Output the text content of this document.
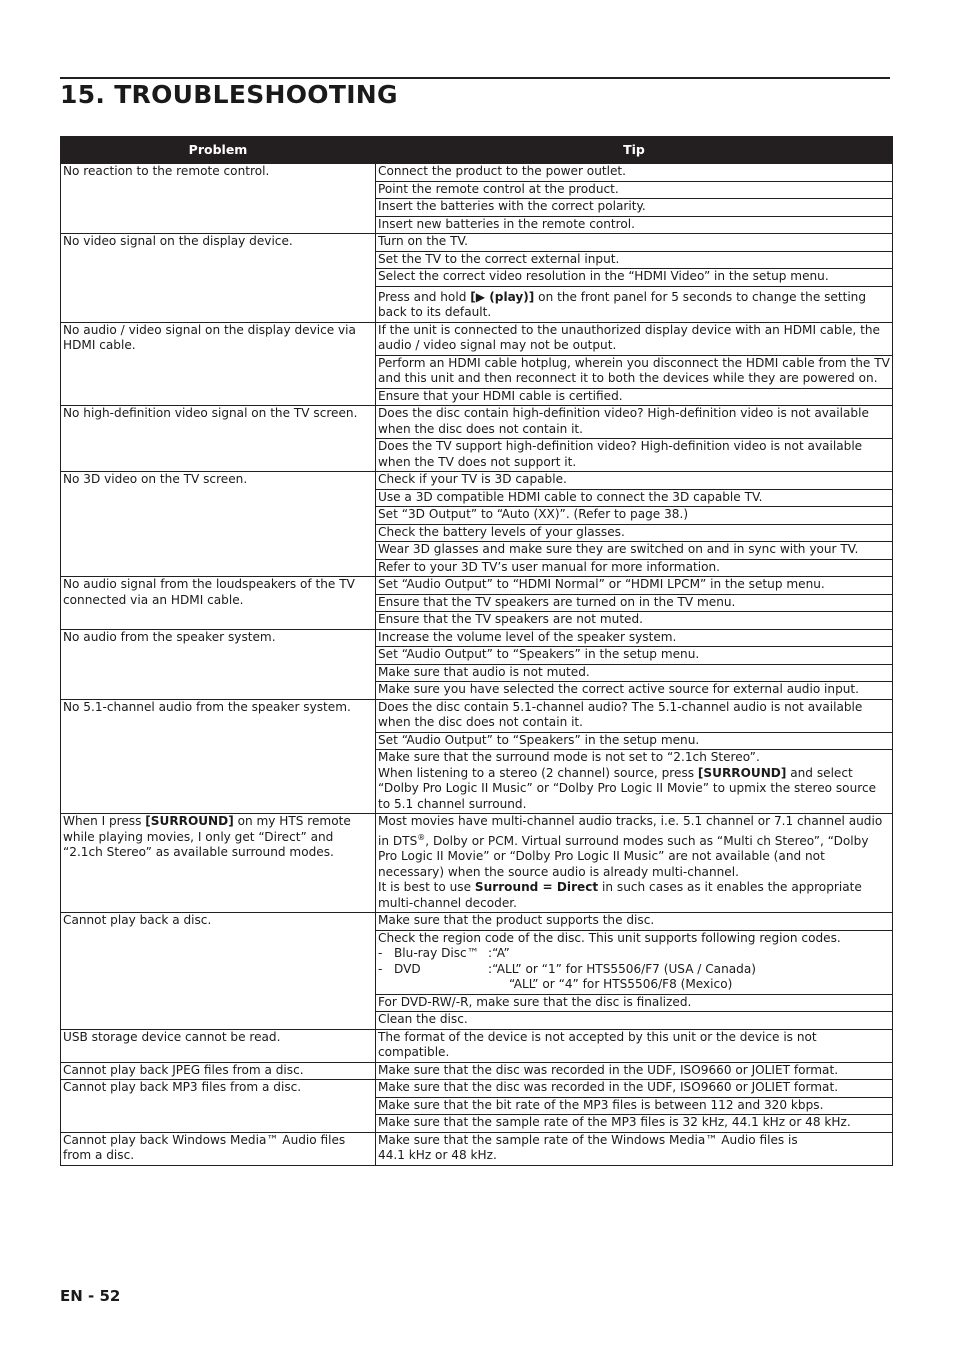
15. TROUBLESHOOTING
Problem	Tip
No reaction to the remote control.	Connect the product to the power outlet.
	Point the remote control at the product.
	Insert the batteries with the correct polarity.
	Insert new batteries in the remote control.
No video signal on the display device.	Turn on the TV.
	Set the TV to the correct external input.
	Select the correct video resolution in the “HDMI Video” in the setup menu.
	Press and hold [▶ (play)] on the front panel for 5 seconds to change the setting back to its default.
No audio / video signal on the display device via HDMI cable.	If the unit is connected to the unauthorized display device with an HDMI cable, the audio / video signal may not be output.
	Perform an HDMI cable hotplug, wherein you disconnect the HDMI cable from the TV and this unit and then reconnect it to both the devices while they are powered on.
	Ensure that your HDMI cable is certified.
No high-definition video signal on the TV screen.	Does the disc contain high-definition video? High-definition video is not available when the disc does not contain it.
	Does the TV support high-definition video? High-definition video is not available when the TV does not support it.
No 3D video on the TV screen.	Check if your TV is 3D capable.
	Use a 3D compatible HDMI cable to connect the 3D capable TV.
	Set “3D Output” to “Auto (XX)”. (Refer to page 38.)
	Check the battery levels of your glasses.
	Wear 3D glasses and make sure they are switched on and in sync with your TV.
	Refer to your 3D TV’s user manual for more information.
No audio signal from the loudspeakers of the TV connected via an HDMI cable.	Set “Audio Output” to “HDMI Normal” or “HDMI LPCM” in the setup menu.
	Ensure that the TV speakers are turned on in the TV menu.
	Ensure that the TV speakers are not muted.
No audio from the speaker system.	Increase the volume level of the speaker system.
	Set “Audio Output” to “Speakers” in the setup menu.
	Make sure that audio is not muted.
	Make sure you have selected the correct active source for external audio input.
No 5.1-channel audio from the speaker system.	Does the disc contain 5.1-channel audio? The 5.1-channel audio is not available when the disc does not contain it.
	Set “Audio Output” to “Speakers” in the setup menu.
	Make sure that the surround mode is not set to “2.1ch Stereo”.
When listening to a stereo (2 channel) source, press [SURROUND] and select “Dolby Pro Logic II Music” or “Dolby Pro Logic II Movie” to upmix the stereo source to 5.1 channel surround.
When I press [SURROUND] on my HTS remote while playing movies, I only get “Direct” and “2.1ch Stereo” as available surround modes.	Most movies have multi-channel audio tracks, i.e. 5.1 channel or 7.1 channel audio in DTS®, Dolby or PCM. Virtual surround modes such as “Multi ch Stereo”, “Dolby Pro Logic II Movie” or “Dolby Pro Logic II Music” are not available (and not necessary) when the source audio is already multi-channel.
It is best to use Surround = Direct in such cases as it enables the appropriate multi-channel decoder.
Cannot play back a disc.	Make sure that the product supports the disc.

	Check the region code of the disc. This unit supports following region codes.
- Blu-ray Disc™ :“A”
- DVD :“ALL” or “1” for HTS5506/F7 (USA / Canada)
“ALL” or “4” for HTS5506/F8 (Mexico)

	For DVD-RW/-R, make sure that the disc is finalized.
	Clean the disc.
USB storage device cannot be read.	The format of the device is not accepted by this unit or the device is not compatible.
Cannot play back JPEG files from a disc.	Make sure that the disc was recorded in the UDF, ISO9660 or JOLIET format.
Cannot play back MP3 files from a disc.	Make sure that the disc was recorded in the UDF, ISO9660 or JOLIET format.
	Make sure that the bit rate of the MP3 files is between 112 and 320 kbps.
	Make sure that the sample rate of the MP3 files is 32 kHz, 44.1 kHz or 48 kHz.
Cannot play back Windows Media™ Audio files from a disc.	Make sure that the sample rate of the Windows Media™ Audio files is
44.1 kHz or 48 kHz.
EN - 52
